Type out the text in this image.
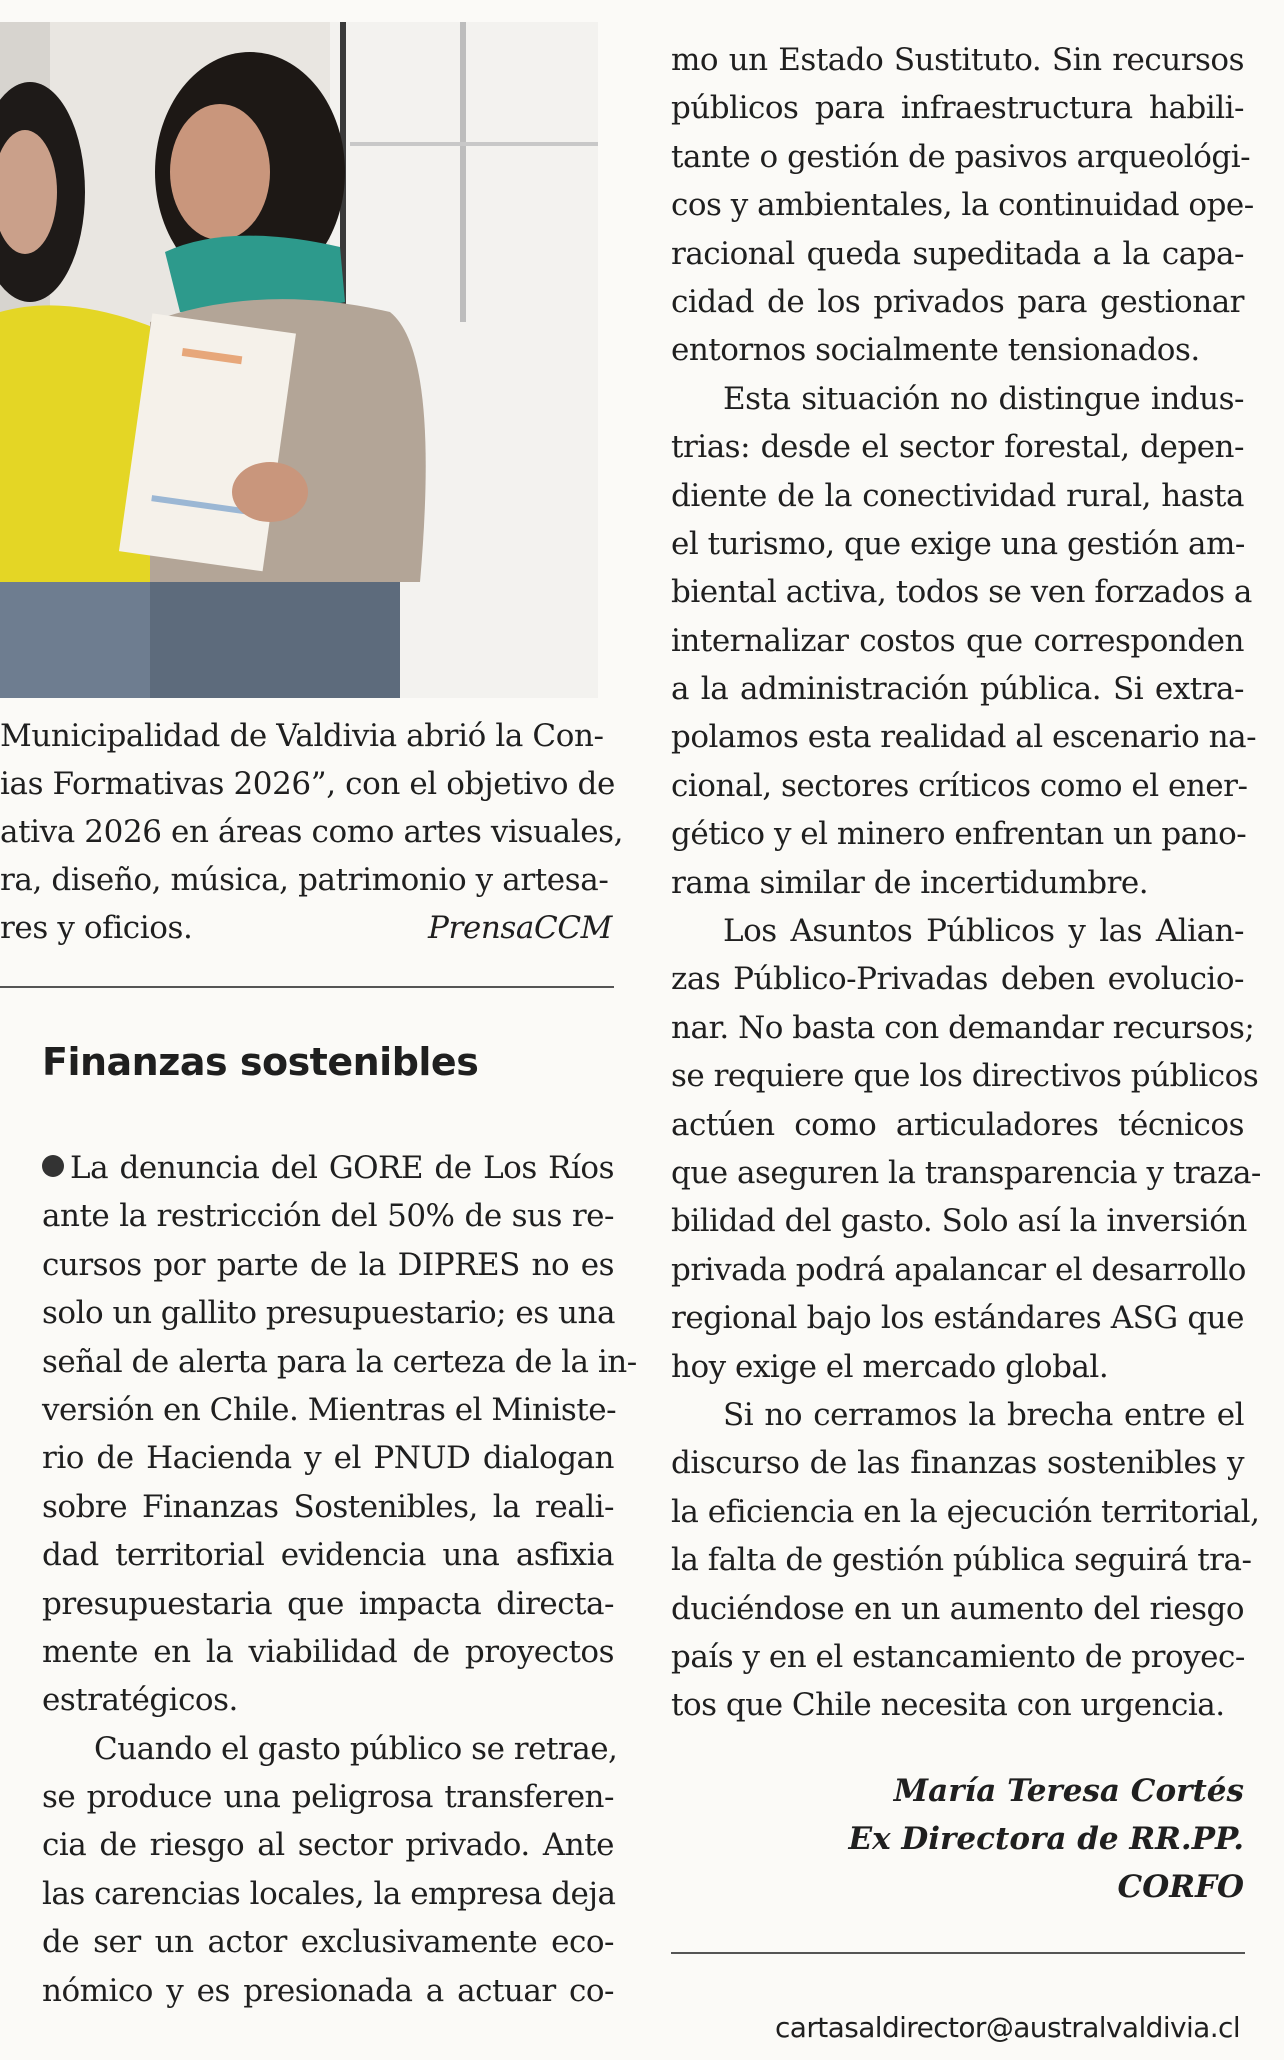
Municipalidad de Valdivia abrió la Con-
ias Formativas 2026”, con el objetivo de
ativa 2026 en áreas como artes visuales,
ra, diseño, música, patrimonio y artesa-
res y oficios.	PrensaCCM
Finanzas sostenibles
La denuncia del GORE de Los Ríos
ante la restricción del 50% de sus re-
cursos por parte de la DIPRES no es
solo un gallito presupuestario; es una
señal de alerta para la certeza de la in-
versión en Chile. Mientras el Ministe-
rio de Hacienda y el PNUD dialogan
sobre Finanzas Sostenibles, la reali-
dad territorial evidencia una asfixia
presupuestaria que impacta directa-
mente en la viabilidad de proyectos
estratégicos.
Cuando el gasto público se retrae,
se produce una peligrosa transferen-
cia de riesgo al sector privado. Ante
las carencias locales, la empresa deja
de ser un actor exclusivamente eco-
nómico y es presionada a actuar co-
mo un Estado Sustituto. Sin recursos
públicos para infraestructura habili-
tante o gestión de pasivos arqueológi-
cos y ambientales, la continuidad ope-
racional queda supeditada a la capa-
cidad de los privados para gestionar
entornos socialmente tensionados.
Esta situación no distingue indus-
trias: desde el sector forestal, depen-
diente de la conectividad rural, hasta
el turismo, que exige una gestión am-
biental activa, todos se ven forzados a
internalizar costos que corresponden
a la administración pública. Si extra-
polamos esta realidad al escenario na-
cional, sectores críticos como el ener-
gético y el minero enfrentan un pano-
rama similar de incertidumbre.
Los Asuntos Públicos y las Alian-
zas Público-Privadas deben evolucio-
nar. No basta con demandar recursos;
se requiere que los directivos públicos
actúen como articuladores técnicos
que aseguren la transparencia y traza-
bilidad del gasto. Solo así la inversión
privada podrá apalancar el desarrollo
regional bajo los estándares ASG que
hoy exige el mercado global.
Si no cerramos la brecha entre el
discurso de las finanzas sostenibles y
la eficiencia en la ejecución territorial,
la falta de gestión pública seguirá tra-
duciéndose en un aumento del riesgo
país y en el estancamiento de proyec-
tos que Chile necesita con urgencia.
María Teresa Cortés
Ex Directora de RR.PP.
CORFO
cartasaldirector@australvaldivia.cl
